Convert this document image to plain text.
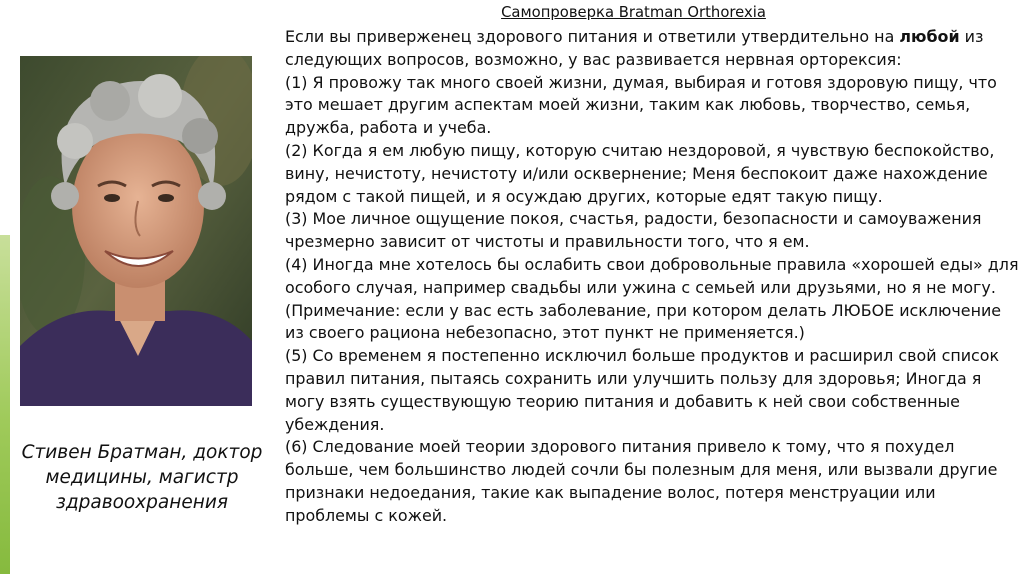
Стивен Братман, доктор
медицины, магистр
здравоохранения
Самопроверка Bratman Orthorexia
Если вы приверженец здорового питания и ответили утвердительно на любой из следующих вопросов, возможно, у вас развивается нервная орторексия:
(1) Я провожу так много своей жизни, думая, выбирая и готовя здоровую пищу, что это мешает другим аспектам моей жизни, таким как любовь, творчество, семья, дружба, работа и учеба.
(2) Когда я ем любую пищу, которую считаю нездоровой, я чувствую беспокойство, вину, нечистоту, нечистоту и/или осквернение; Меня беспокоит даже нахождение рядом с такой пищей, и я осуждаю других, которые едят такую пищу.
(3) Мое личное ощущение покоя, счастья, радости, безопасности и самоуважения чрезмерно зависит от чистоты и правильности того, что я ем.
(4) Иногда мне хотелось бы ослабить свои добровольные правила «хорошей еды» для особого случая, например свадьбы или ужина с семьей или друзьями, но я не могу. (Примечание: если у вас есть заболевание, при котором делать ЛЮБОЕ исключение из своего рациона небезопасно, этот пункт не применяется.)
(5) Со временем я постепенно исключил больше продуктов и расширил свой список правил питания, пытаясь сохранить или улучшить пользу для здоровья; Иногда я могу взять существующую теорию питания и добавить к ней свои собственные убеждения.
(6) Следование моей теории здорового питания привело к тому, что я похудел больше, чем большинство людей сочли бы полезным для меня, или вызвали другие признаки недоедания, такие как выпадение волос, потеря менструации или проблемы с кожей.
